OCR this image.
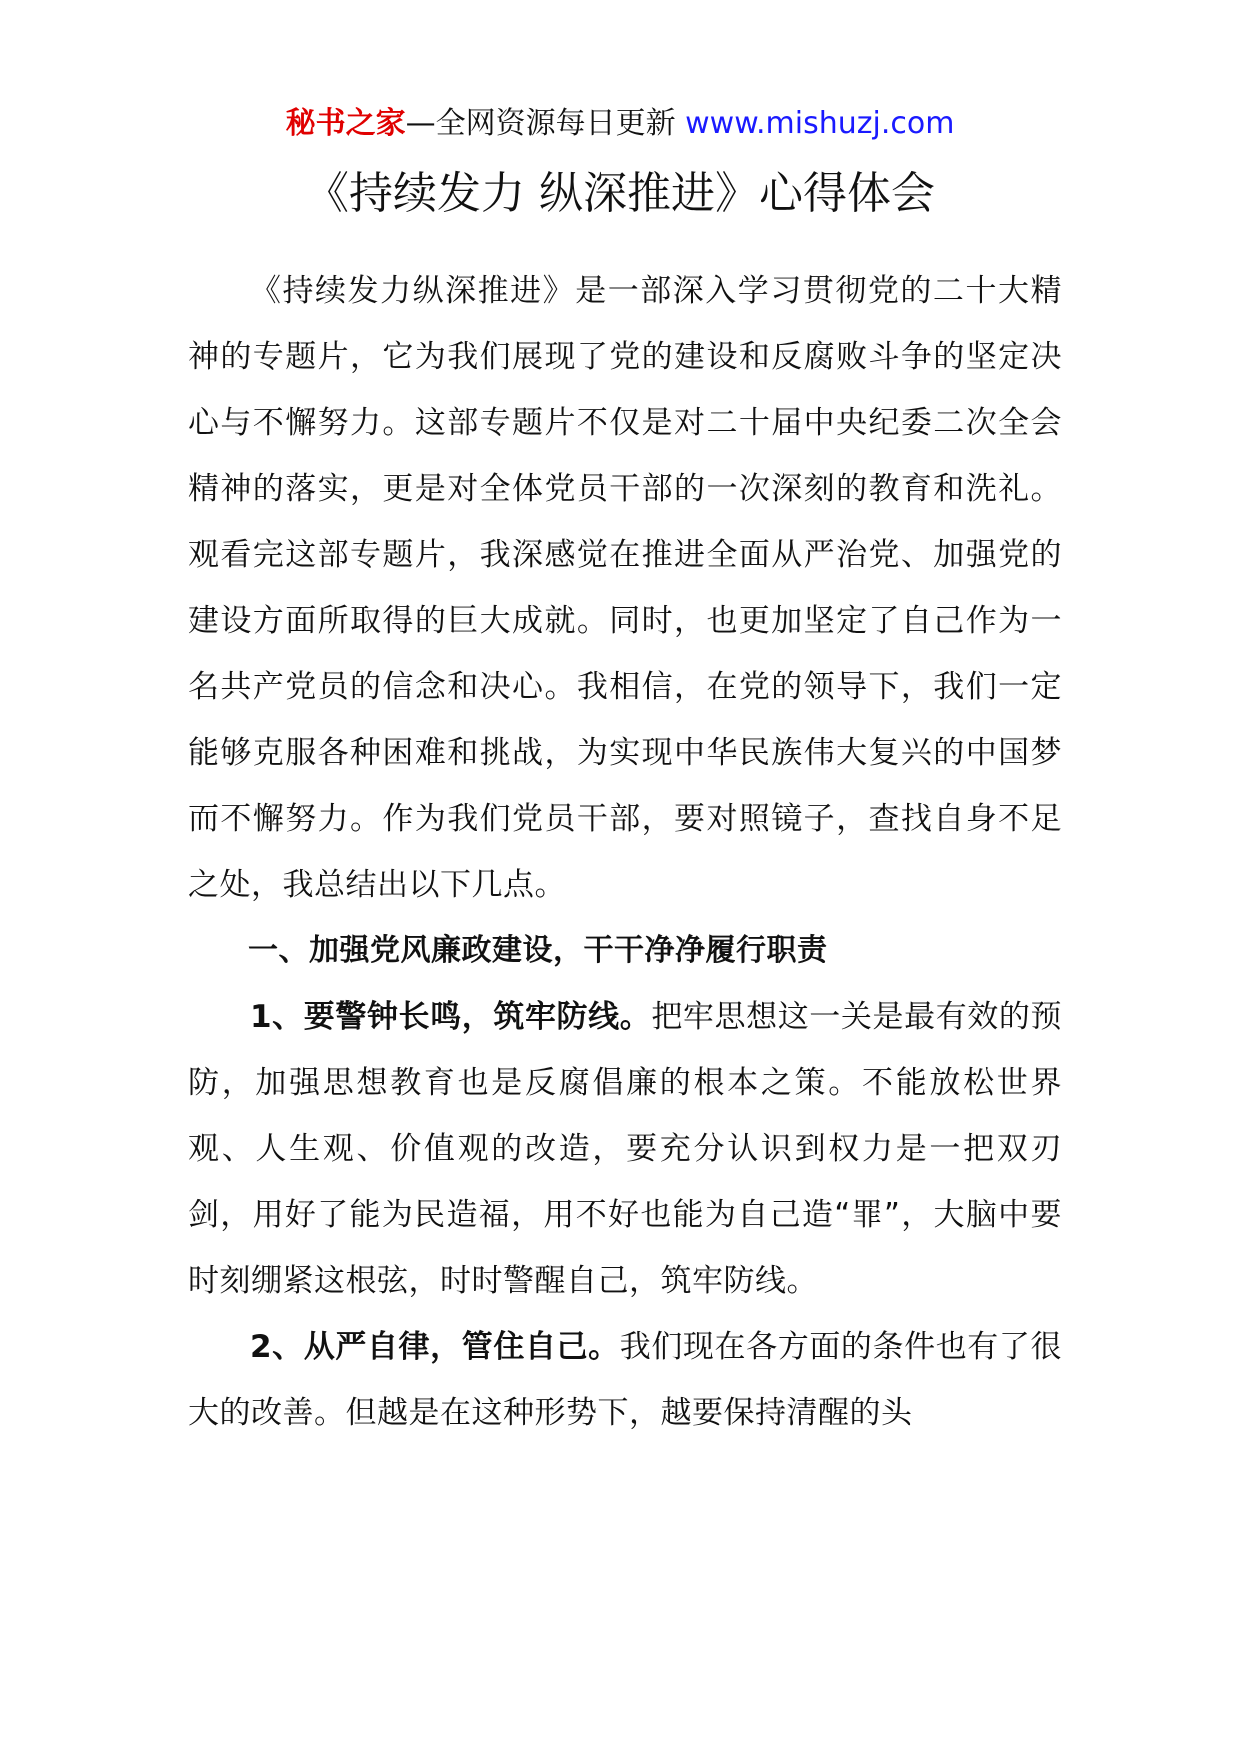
秘书之家—全网资源每日更新 www.mishuzj.com
《持续发力 纵深推进》心得体会

《持续发力纵深推进》是一部深入学习贯彻党的二十大精神的专题片，它为我们展现了党的建设和反腐败斗争的坚定决心与不懈努力。这部专题片不仅是对二十届中央纪委二次全会精神的落实，更是对全体党员干部的一次深刻的教育和洗礼。观看完这部专题片，我深感觉在推进全面从严治党、加强党的建设方面所取得的巨大成就。同时，也更加坚定了自己作为一名共产党员的信念和决心。我相信，在党的领导下，我们一定能够克服各种困难和挑战，为实现中华民族伟大复兴的中国梦而不懈努力。作为我们党员干部，要对照镜子，查找自身不足之处，我总结出以下几点。

一、加强党风廉政建设，干干净净履行职责

1、要警钟长鸣，筑牢防线。把牢思想这一关是最有效的预防，加强思想教育也是反腐倡廉的根本之策。不能放松世界观、人生观、价值观的改造，要充分认识到权力是一把双刃剑，用好了能为民造福，用不好也能为自己造“罪”，大脑中要时刻绷紧这根弦，时时警醒自己，筑牢防线。

2、从严自律，管住自己。我们现在各方面的条件也有了很大的改善。但越是在这种形势下，越要保持清醒的头
